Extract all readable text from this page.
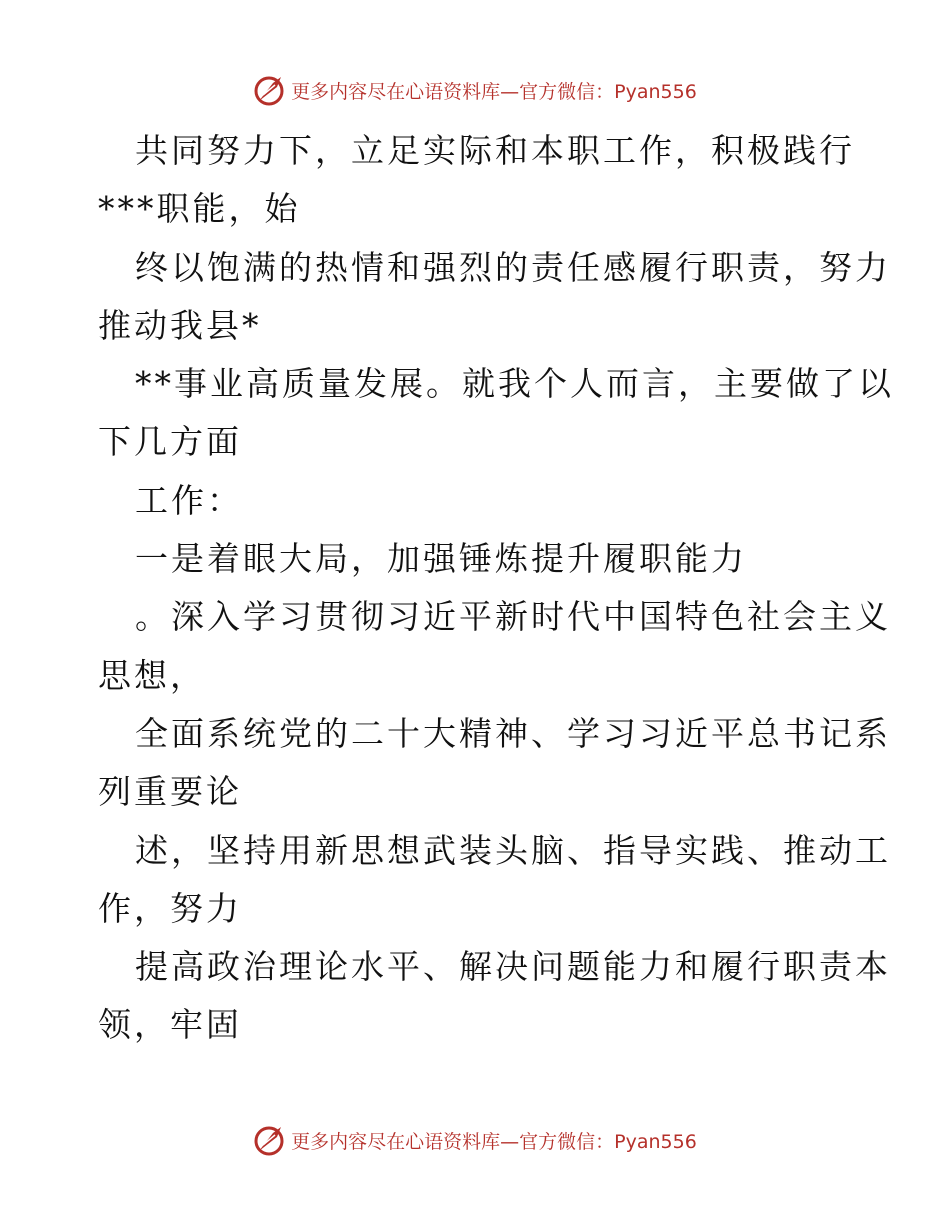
更多内容尽在心语资料库—官方微信：Pyan556
共同努力下，立足实际和本职工作，积极践行
***职能，始
终以饱满的热情和强烈的责任感履行职责，努力
推动我县*
**事业高质量发展。就我个人而言，主要做了以
下几方面
工作：
一是着眼大局，加强锤炼提升履职能力
。深入学习贯彻习近平新时代中国特色社会主义
思想，
全面系统党的二十大精神、学习习近平总书记系
列重要论
述，坚持用新思想武装头脑、指导实践、推动工
作，努力
提高政治理论水平、解决问题能力和履行职责本
领，牢固
更多内容尽在心语资料库—官方微信：Pyan556
